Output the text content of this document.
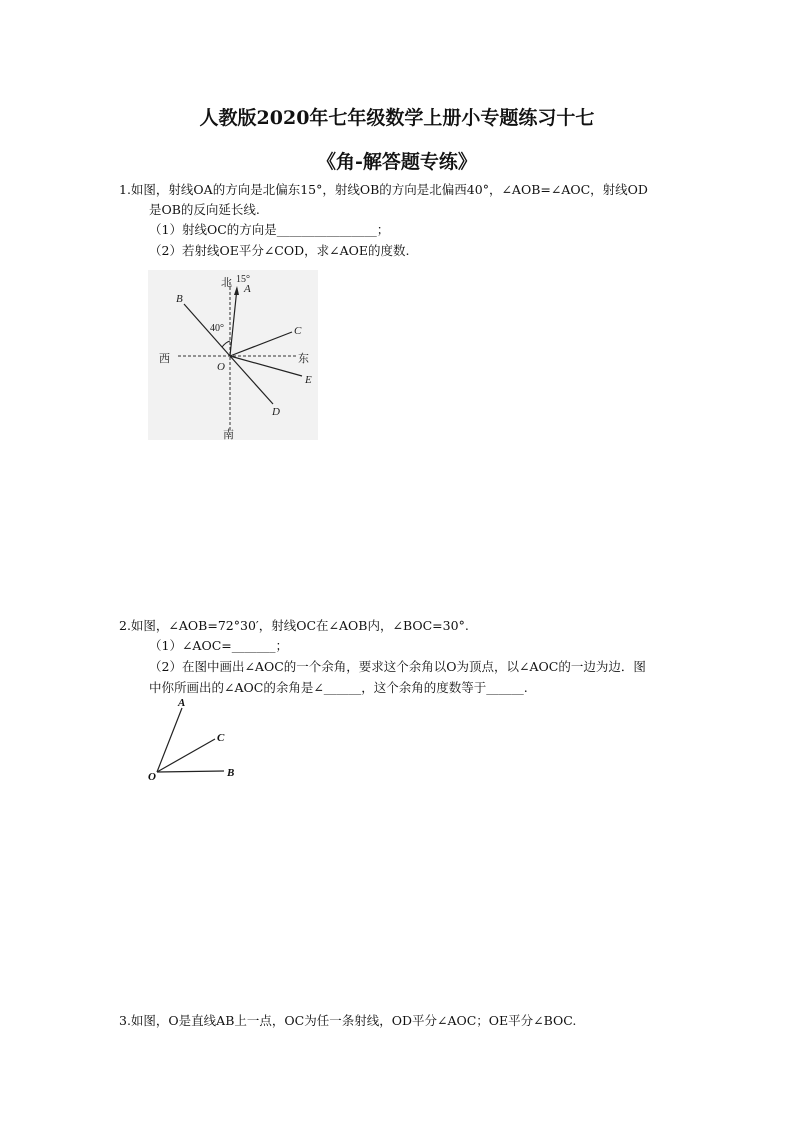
人教版2020年七年级数学上册小专题练习十七
《角-解答题专练》
1.如图，射线OA的方向是北偏东15°，射线OB的方向是北偏西40°，∠AOB=∠AOC，射线OD
是OB的反向延长线.
（1）射线OC的方向是________________；
（2）若射线OE平分∠COD，求∠AOE的度数.
北 15°
A
B
40°	C
西	东
O
E
D
南
2.如图，∠AOB=72°30′，射线OC在∠AOB内，∠BOC=30°.
（1）∠AOC=_______；
（2）在图中画出∠AOC的一个余角，要求这个余角以O为顶点，以∠AOC的一边为边．图
中你所画出的∠AOC的余角是∠______，这个余角的度数等于______.
A
C
B
O
3.如图，O是直线AB上一点，OC为任一条射线，OD平分∠AOC；OE平分∠BOC.
